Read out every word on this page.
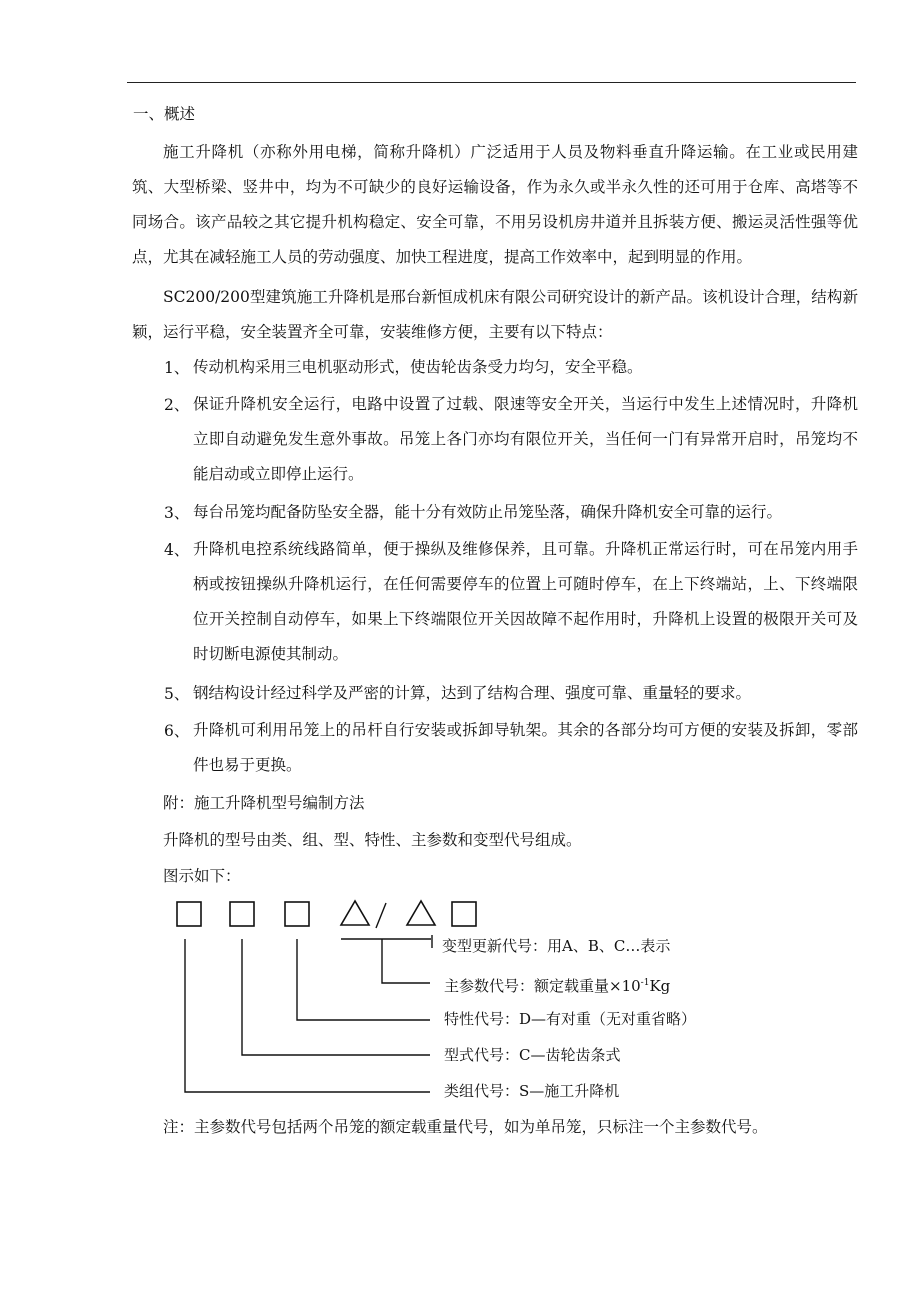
一、概述
施工升降机（亦称外用电梯，简称升降机）广泛适用于人员及物料垂直升降运输。在工业或民用建筑、大型桥梁、竖井中，均为不可缺少的良好运输设备，作为永久或半永久性的还可用于仓库、高塔等不同场合。该产品较之其它提升机构稳定、安全可靠，不用另设机房井道并且拆装方便、搬运灵活性强等优点，尤其在减轻施工人员的劳动强度、加快工程进度，提高工作效率中，起到明显的作用。
SC200/200型建筑施工升降机是邢台新恒成机床有限公司研究设计的新产品。该机设计合理，结构新颖，运行平稳，安全装置齐全可靠，安装维修方便，主要有以下特点：
1、 传动机构采用三电机驱动形式，使齿轮齿条受力均匀，安全平稳。
2、 保证升降机安全运行，电路中设置了过载、限速等安全开关，当运行中发生上述情况时，升降机立即自动避免发生意外事故。吊笼上各门亦均有限位开关，当任何一门有异常开启时，吊笼均不能启动或立即停止运行。
3、 每台吊笼均配备防坠安全器，能十分有效防止吊笼坠落，确保升降机安全可靠的运行。
4、 升降机电控系统线路简单，便于操纵及维修保养，且可靠。升降机正常运行时，可在吊笼内用手柄或按钮操纵升降机运行，在任何需要停车的位置上可随时停车，在上下终端站，上、下终端限位开关控制自动停车，如果上下终端限位开关因故障不起作用时，升降机上设置的极限开关可及时切断电源使其制动。
5、 钢结构设计经过科学及严密的计算，达到了结构合理、强度可靠、重量轻的要求。
6、 升降机可利用吊笼上的吊杆自行安装或拆卸导轨架。其余的各部分均可方便的安装及拆卸，零部件也易于更换。
附：施工升降机型号编制方法
升降机的型号由类、组、型、特性、主参数和变型代号组成。
图示如下：
变型更新代号：用A、B、C…表示
主参数代号：额定载重量$\times 10^{-1}Kg$
特性代号：D—有对重（无对重省略）
型式代号：C—齿轮齿条式
类组代号：S—施工升降机
注：主参数代号包括两个吊笼的额定载重量代号，如为单吊笼，只标注一个主参数代号。
